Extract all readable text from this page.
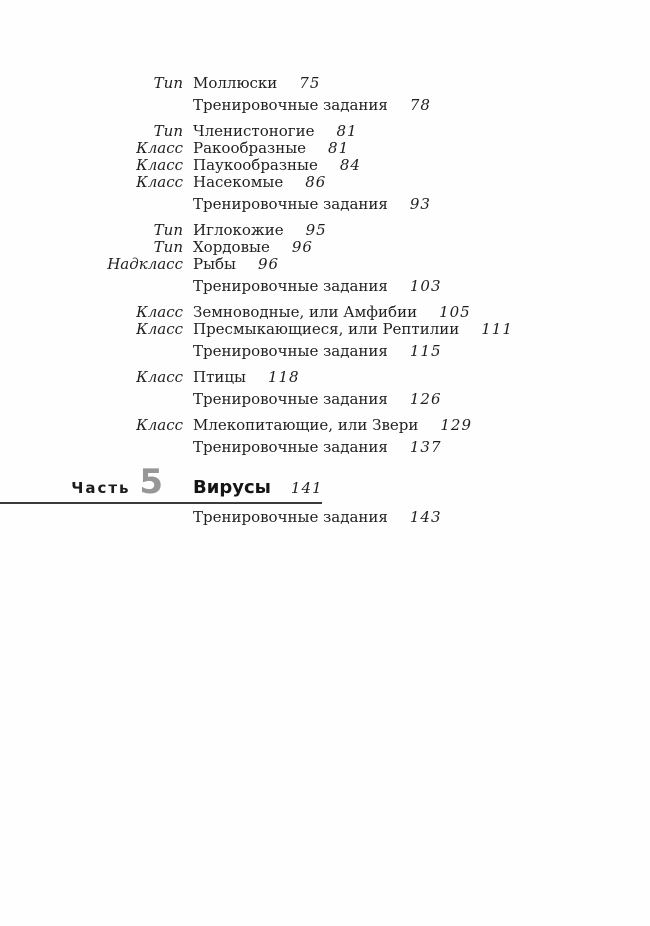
Тип Моллюски 75
Тренировочные задания 78
Тип Членистоногие 81
Класс Ракообразные 81
Класс Паукообразные 84
Класс Насекомые 86
Тренировочные задания 93
Тип Иглокожие 95
Тип Хордовые 96
Надкласс Рыбы 96
Тренировочные задания 103
Класс Земноводные, или Амфибии 105
Класс Пресмыкающиеся, или Рептилии 111
Тренировочные задания 115
Класс Птицы 118
Тренировочные задания 126
Класс Млекопитающие, или Звери 129
Тренировочные задания 137
Часть 5	Вирусы 141
Тренировочные задания 143
